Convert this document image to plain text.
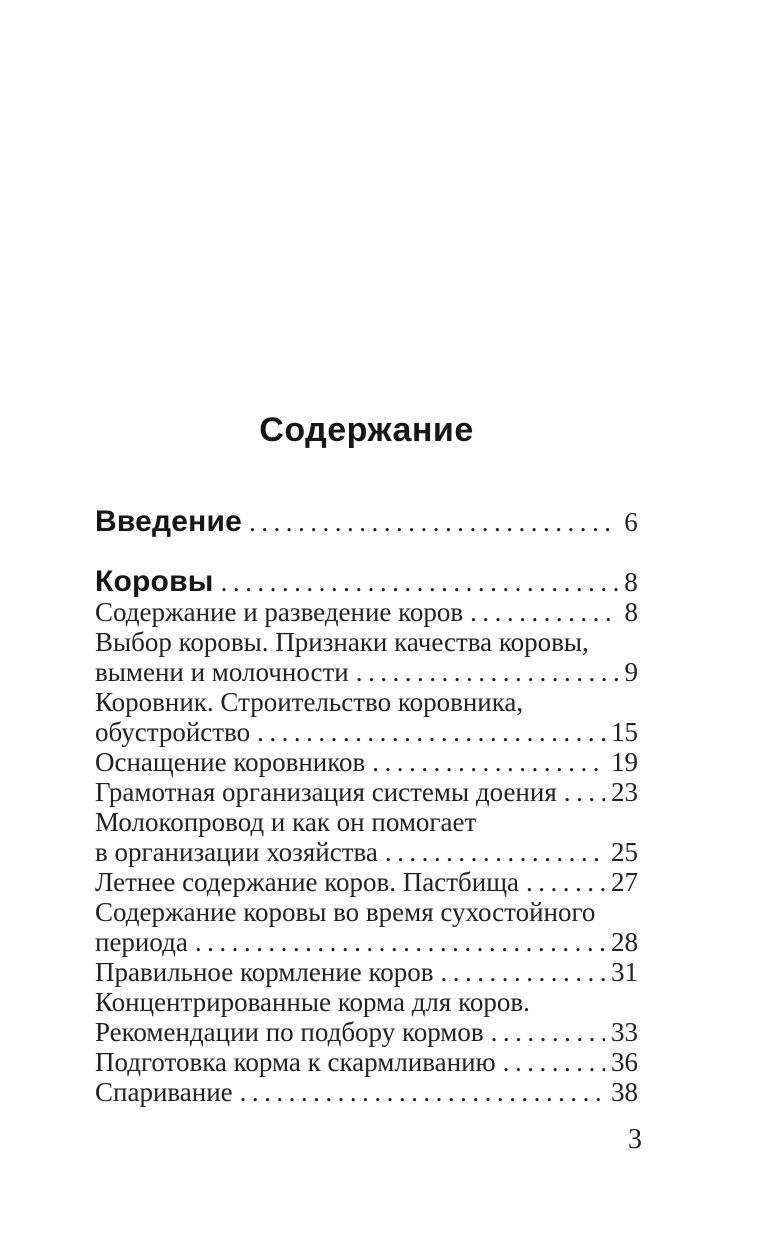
Содержание
Введение .....	6
Коровы .....	8
Содержание и разведение коров .....	8
Выбор коровы. Признаки качества коровы,
вымени и молочности .....	9
Коровник. Строительство коровника,
обустройство .....	15
Оснащение коровников .....	19
Грамотная организация системы доения ..... 23
Молокопровод и как он помогает
в организации хозяйства .....	25
Летнее содержание коров. Пастбища .....	27
Содержание коровы во время сухостойного
периода .....	28
Правильное кормление коров .....	31
Концентрированные корма для коров.
Рекомендации по подбору кормов .....	33
Подготовка корма к скармливанию .....	36
Спаривание .....	38
3
